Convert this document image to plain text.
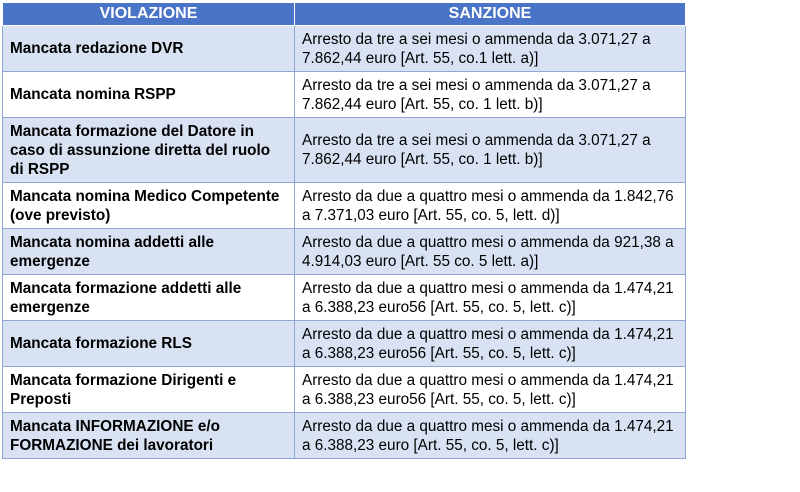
VIOLAZIONE	SANZIONE
Mancata redazione DVR	Arresto da tre a sei mesi o ammenda da 3.071,27 a 7.862,44 euro [Art. 55, co.1 lett. a)]
Mancata nomina RSPP	Arresto da tre a sei mesi o ammenda da 3.071,27 a 7.862,44 euro [Art. 55, co. 1 lett. b)]
Mancata formazione del Datore in caso di assunzione diretta del ruolo di RSPP	Arresto da tre a sei mesi o ammenda da 3.071,27 a 7.862,44 euro [Art. 55, co. 1 lett. b)]
Mancata nomina Medico Competente (ove previsto)	Arresto da due a quattro mesi o ammenda da 1.842,76 a 7.371,03 euro [Art. 55, co. 5, lett. d)]
Mancata nomina addetti alle emergenze	Arresto da due a quattro mesi o ammenda da 921,38 a 4.914,03 euro [Art. 55 co. 5 lett. a)]
Mancata formazione addetti alle emergenze	Arresto da due a quattro mesi o ammenda da 1.474,21 a 6.388,23 euro56 [Art. 55, co. 5, lett. c)]
Mancata formazione RLS	Arresto da due a quattro mesi o ammenda da 1.474,21 a 6.388,23 euro56 [Art. 55, co. 5, lett. c)]
Mancata formazione Dirigenti e Preposti	Arresto da due a quattro mesi o ammenda da 1.474,21 a 6.388,23 euro56 [Art. 55, co. 5, lett. c)]
Mancata INFORMAZIONE e/o FORMAZIONE dei lavoratori	Arresto da due a quattro mesi o ammenda da 1.474,21 a 6.388,23 euro [Art. 55, co. 5, lett. c)]
